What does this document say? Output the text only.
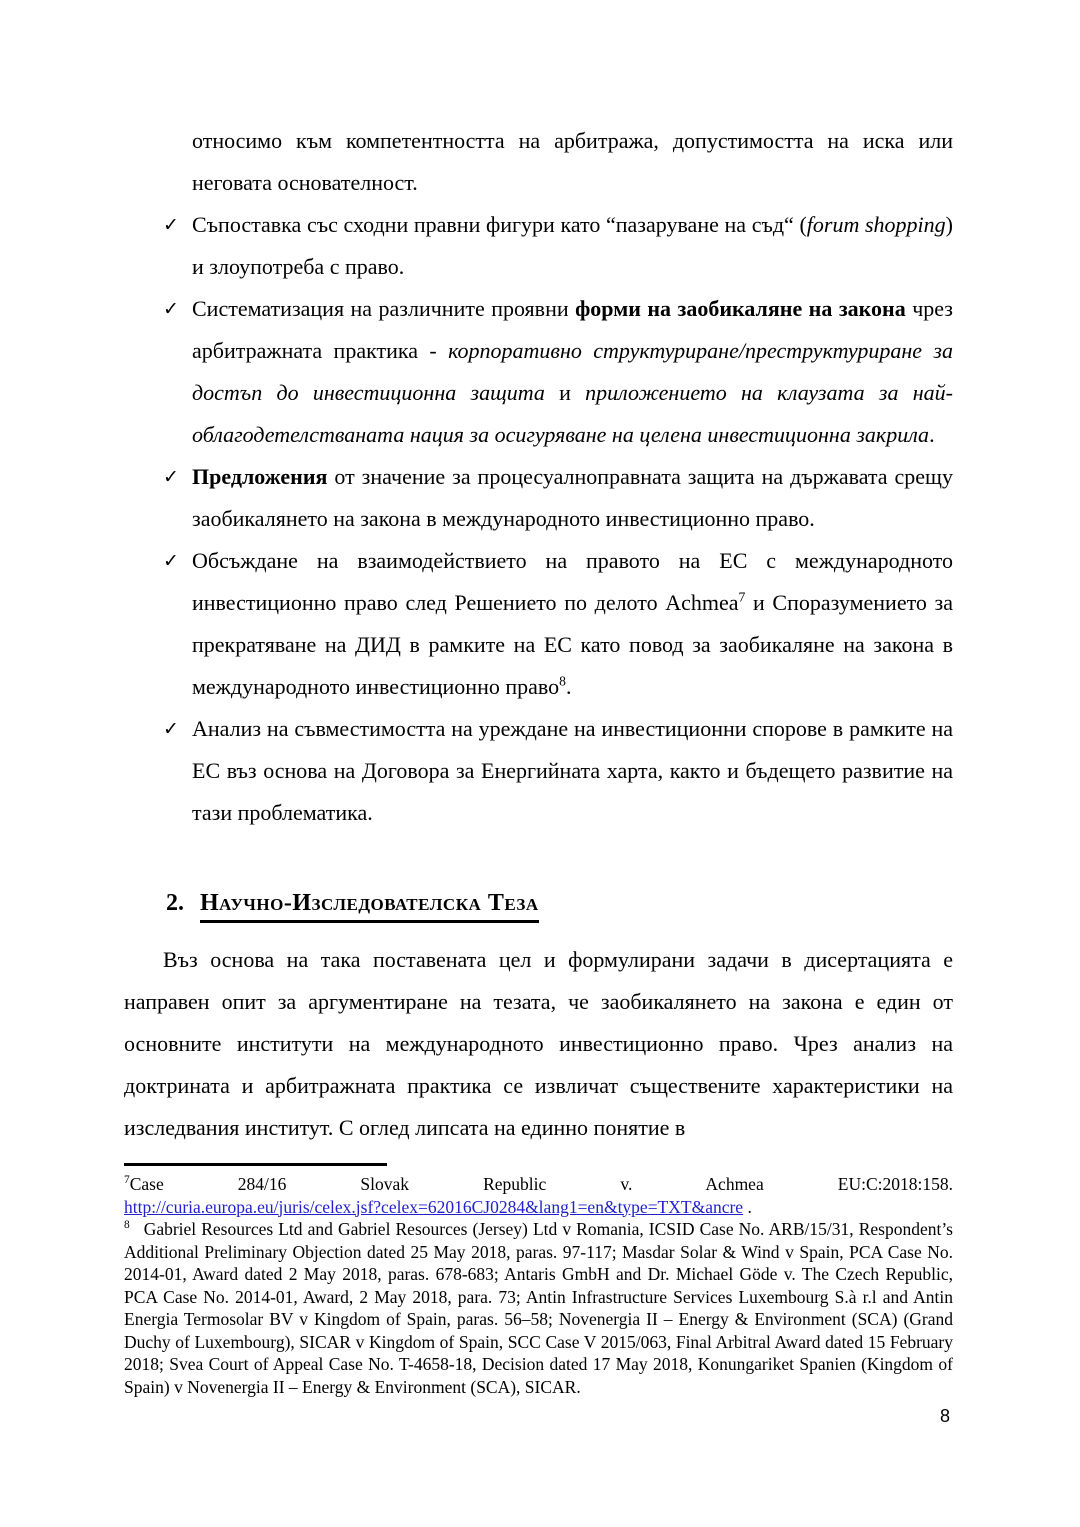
относимо към компетентността на арбитража, допустимостта на иска или неговата основателност.

✓ Съпоставка със сходни правни фигури като “пазаруване на съд“ (forum shopping) и злоупотреба с право.
✓ Систематизация на различните проявни форми на заобикаляне на закона чрез арбитражната практика - корпоративно структуриране/преструктуриране за достъп до инвестиционна защита и приложението на клаузата за най-облагодетелстваната нация за осигуряване на целена инвестиционна закрила.
✓ Предложения от значение за процесуалноправната защита на държавата срещу заобикалянето на закона в международното инвестиционно право.
✓ Обсъждане на взаимодействието на правото на ЕС с международното инвестиционно право след Решението по делото Achmea$^7$ и Споразумението за прекратяване на ДИД в рамките на ЕС като повод за заобикаляне на закона в международното инвестиционно право$^8$.
✓ Анализ на съвместимостта на уреждане на инвестиционни спорове в рамките на ЕС въз основа на Договора за Енергийната харта, както и бъдещето развитие на тази проблематика.
2. Научно-Изследователска Теза

Въз основа на така поставената цел и формулирани задачи в дисертацията е направен опит за аргументиране на тезата, че заобикалянето на закона е един от основните институти на международното инвестиционно право. Чрез анализ на доктрината и арбитражната практика се извличат съществените характеристики на изследвания институт. С оглед липсата на единно понятие в

$^7$Case 284/16 Slovak Republic v. Achmea EU:C:2018:158.
http://curia.europa.eu/juris/celex.jsf?celex=62016CJ0284&lang1=en&type=TXT&ancre .
$^8$ Gabriel Resources Ltd and Gabriel Resources (Jersey) Ltd v Romania, ICSID Case No. ARB/15/31, Respondent’s Additional Preliminary Objection dated 25 May 2018, paras. 97-117; Masdar Solar & Wind v Spain, PCA Case No. 2014-01, Award dated 2 May 2018, paras. 678-683; Antaris GmbH and Dr. Michael Göde v. The Czech Republic, PCA Case No. 2014-01, Award, 2 May 2018, para. 73; Antin Infrastructure Services Luxembourg S.à r.l and Antin Energia Termosolar BV v Kingdom of Spain, paras. 56–58; Novenergia II – Energy & Environment (SCA) (Grand Duchy of Luxembourg), SICAR v Kingdom of Spain, SCC Case V 2015/063, Final Arbitral Award dated 15 February 2018; Svea Court of Appeal Case No. T-4658-18, Decision dated 17 May 2018, Konungariket Spanien (Kingdom of Spain) v Novenergia II – Energy & Environment (SCA), SICAR.
8
